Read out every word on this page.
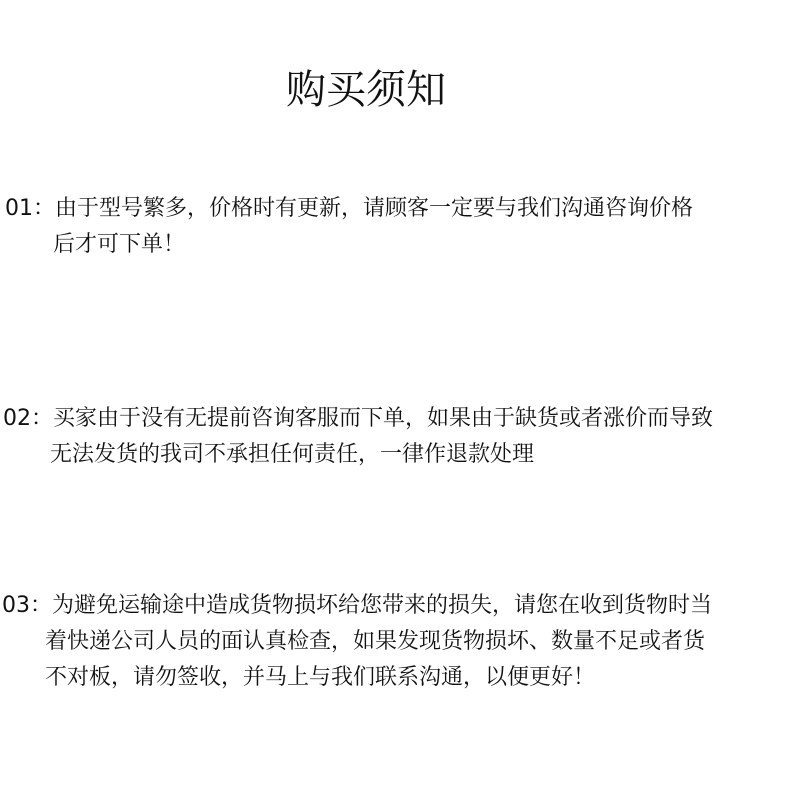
购买须知
01：由于型号繁多，价格时有更新，请顾客一定要与我们沟通咨询价格
后才可下单！
02：买家由于没有无提前咨询客服而下单，如果由于缺货或者涨价而导致
无法发货的我司不承担任何责任，一律作退款处理
03：为避免运输途中造成货物损坏给您带来的损失，请您在收到货物时当
着快递公司人员的面认真检查，如果发现货物损坏、数量不足或者货
不对板，请勿签收，并马上与我们联系沟通，以便更好！
